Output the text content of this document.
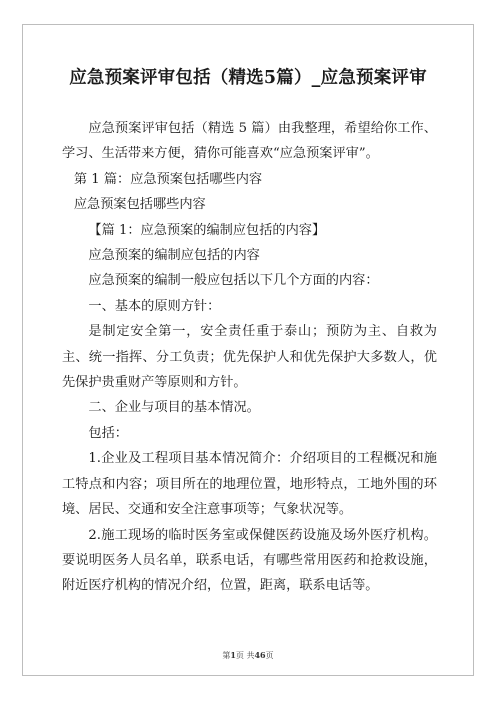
应急预案评审包括（精选5篇）_应急预案评审

应急预案评审包括（精选 5 篇）由我整理，希望给你工作、学习、生活带来方便，猜你可能喜欢“应急预案评审”。

第 1 篇：应急预案包括哪些内容

应急预案包括哪些内容

【篇 1：应急预案的编制应包括的内容】

应急预案的编制应包括的内容

应急预案的编制一般应包括以下几个方面的内容：

一、基本的原则方针：

是制定安全第一，安全责任重于泰山；预防为主、自救为主、统一指挥、分工负责；优先保护人和优先保护大多数人，优先保护贵重财产等原则和方针。

二、企业与项目的基本情况。

包括：

1.企业及工程项目基本情况简介：介绍项目的工程概况和施工特点和内容；项目所在的地理位置，地形特点，工地外围的环境、居民、交通和安全注意事项等；气象状况等。

2.施工现场的临时医务室或保健医药设施及场外医疗机构。要说明医务人员名单，联系电话，有哪些常用医药和抢救设施，附近医疗机构的情况介绍，位置，距离，联系电话等。

第1页 共46页
